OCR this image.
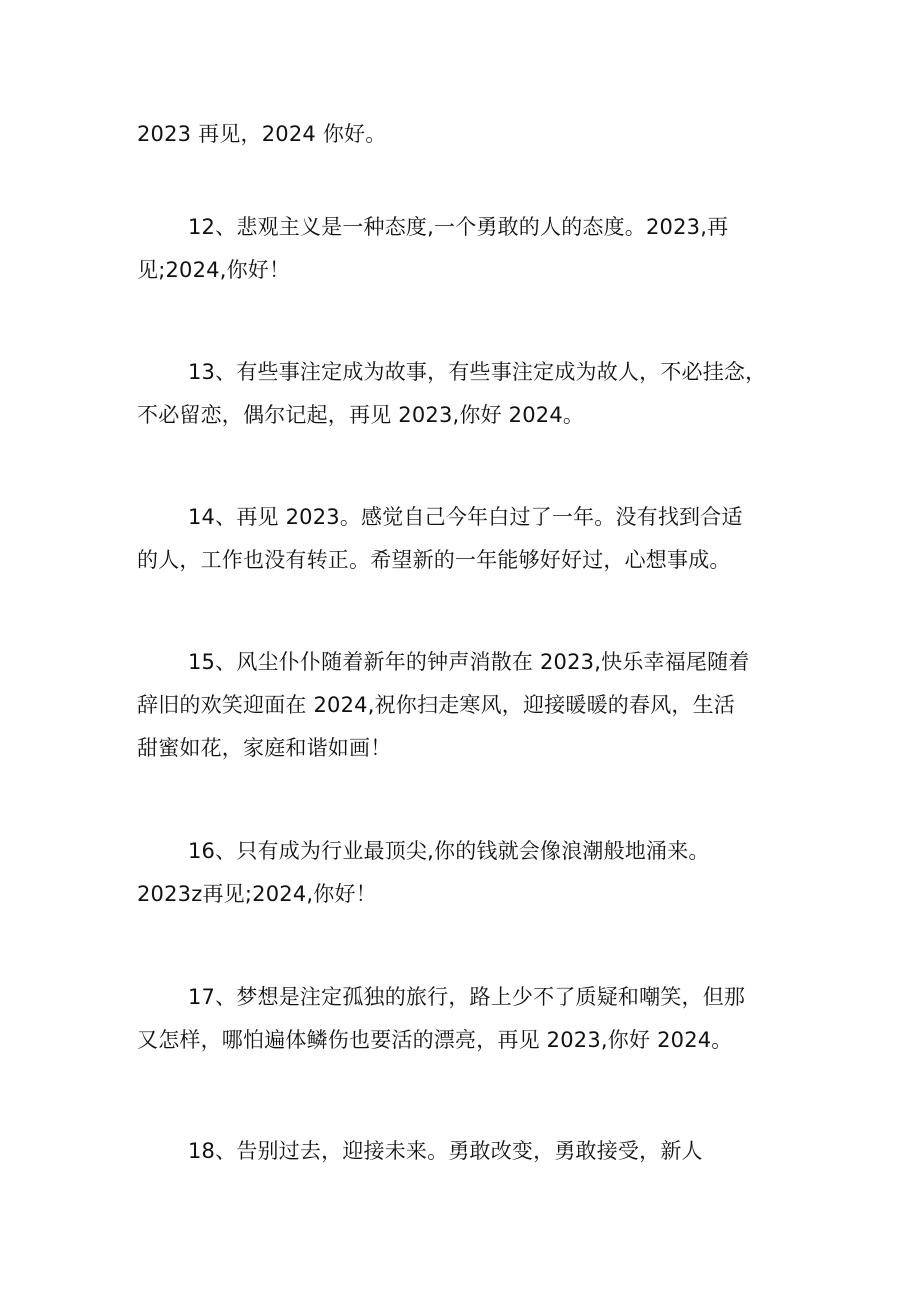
2023 再见，2024 你好。

12、悲观主义是一种态度,一个勇敢的人的态度。2023,再
见;2024,你好！

13、有些事注定成为故事，有些事注定成为故人，不必挂念，
不必留恋，偶尔记起，再见 2023,你好 2024。

14、再见 2023。感觉自己今年白过了一年。没有找到合适
的人，工作也没有转正。希望新的一年能够好好过，心想事成。

15、风尘仆仆随着新年的钟声消散在 2023,快乐幸福尾随着
辞旧的欢笑迎面在 2024,祝你扫走寒风，迎接暖暖的春风，生活
甜蜜如花，家庭和谐如画！

16、只有成为行业最顶尖,你的钱就会像浪潮般地涌来。
2023z再见;2024,你好！

17、梦想是注定孤独的旅行，路上少不了质疑和嘲笑，但那
又怎样，哪怕遍体鳞伤也要活的漂亮，再见 2023,你好 2024。

18、告别过去，迎接未来。勇敢改变，勇敢接受，新人
